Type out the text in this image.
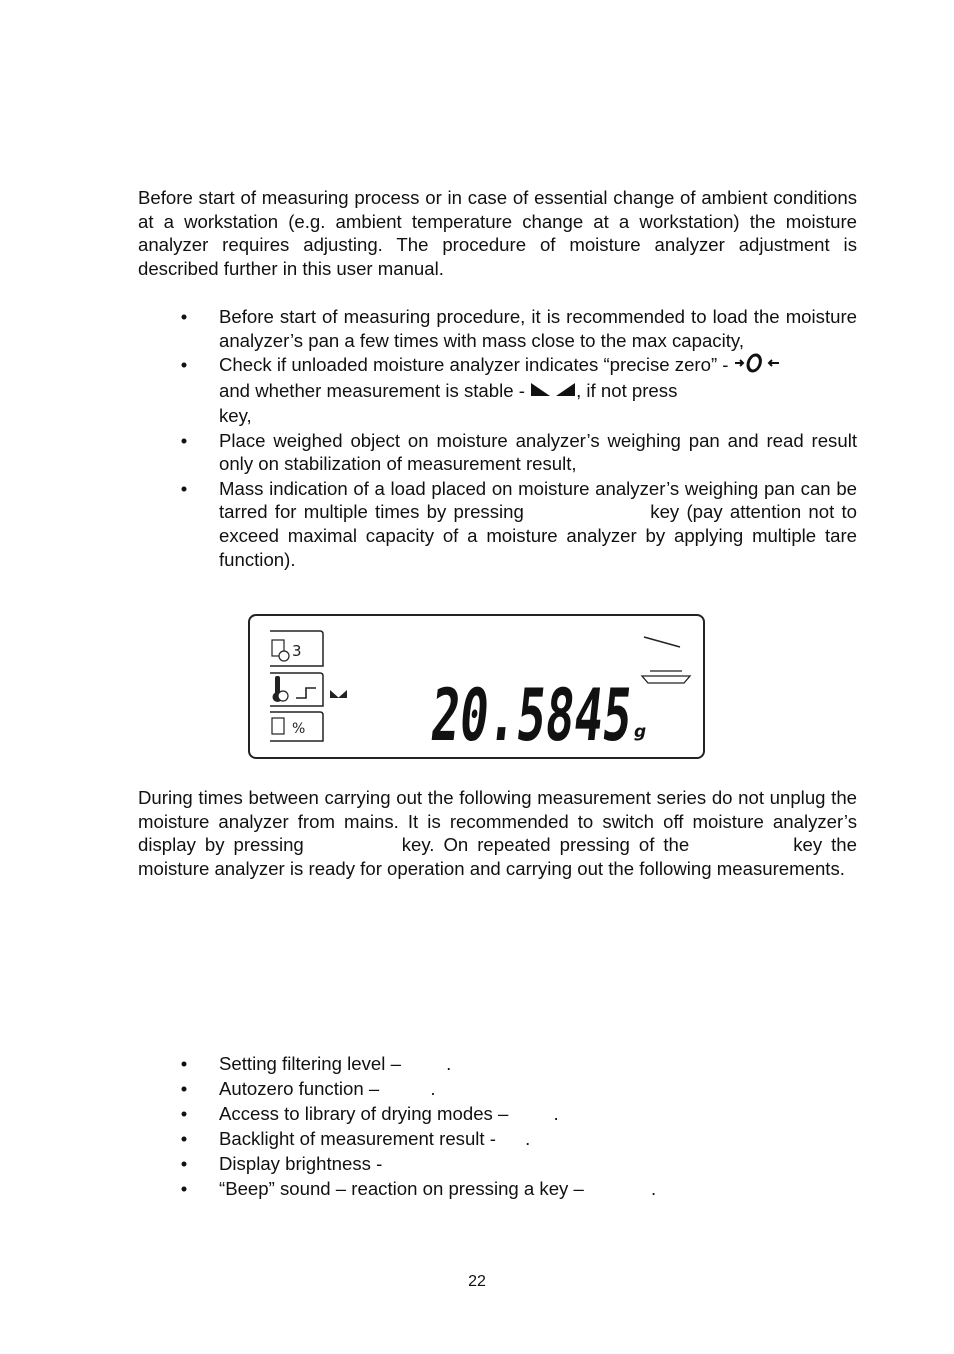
Before start of measuring process or in case of essential change of ambient conditions at a workstation (e.g. ambient temperature change at a workstation) the moisture analyzer requires adjusting. The procedure of moisture analyzer adjustment is described further in this user manual.

• Before start of measuring procedure, it is recommended to load the moisture analyzer’s pan a few times with mass close to the max capacity,
• Check if unloaded moisture analyzer indicates “precise zero” -
and whether measurement is stable -	, if not press
key,
• Place weighed object on moisture analyzer’s weighing pan and read result only on stabilization of measurement result,
• Mass indication of a load placed on moisture analyzer’s weighing pan can be tarred for multiple times by pressing	key (pay attention not to exceed maximal capacity of a moisture analyzer by applying multiple tare function).
3
% 20.5845
g

During times between carrying out the following measurement series do not unplug the moisture analyzer from mains. It is recommended to switch off moisture analyzer’s display by pressing	key. On repeated pressing of the	key the moisture analyzer is ready for operation and carrying out the following measurements.

• Setting filtering level – .
• Autozero function –	.
• Access to library of drying modes – .
• Backlight of measurement result - .
• Display brightness -
• “Beep” sound – reaction on pressing a key –	.
22
